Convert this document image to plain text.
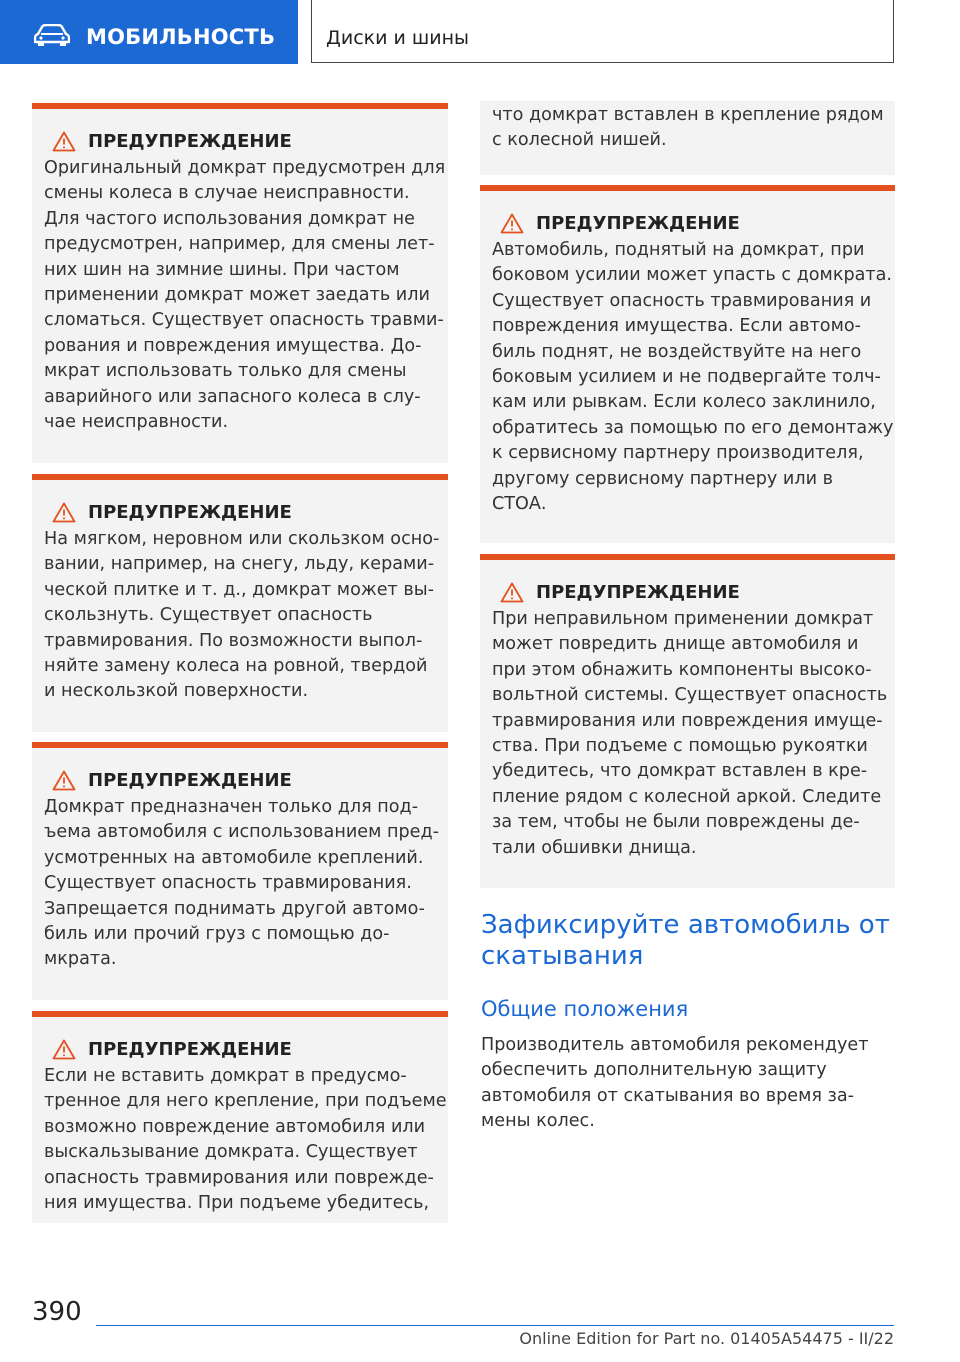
МОБИЛЬНОСТЬ	Диски и шины
ПРЕДУПРЕЖДЕНИЕ
Оригинальный домкрат предусмотрен для
смены колеса в случае неисправности.
Для частого использования домкрат не
предусмотрен, например, для смены лет‐
них шин на зимние шины. При частом
применении домкрат может заедать или
сломаться. Существует опасность травми‐
рования и повреждения имущества. До‐
мкрат использовать только для смены
аварийного или запасного колеса в слу‐
чае неисправности.
ПРЕДУПРЕЖДЕНИЕ
На мягком, неровном или скользком осно‐
вании, например, на снегу, льду, керами‐
ческой плитке и т. д., домкрат может вы‐
скользнуть. Существует опасность
травмирования. По возможности выпол‐
няйте замену колеса на ровной, твердой
и нескользкой поверхности.
ПРЕДУПРЕЖДЕНИЕ
Домкрат предназначен только для под‐
ъема автомобиля с использованием пред‐
усмотренных на автомобиле креплений.
Существует опасность травмирования.
Запрещается поднимать другой автомо‐
биль или прочий груз с помощью до‐
мкрата.
ПРЕДУПРЕЖДЕНИЕ
Если не вставить домкрат в предусмо‐
тренное для него крепление, при подъеме
возможно повреждение автомобиля или
выскальзывание домкрата. Существует
опасность травмирования или поврежде‐
ния имущества. При подъеме убедитесь,
что домкрат вставлен в крепление рядом
с колесной нишей.
ПРЕДУПРЕЖДЕНИЕ
Автомобиль, поднятый на домкрат, при
боковом усилии может упасть с домкрата.
Существует опасность травмирования и
повреждения имущества. Если автомо‐
биль поднят, не воздействуйте на него
боковым усилием и не подвергайте толч‐
кам или рывкам. Если колесо заклинило,
обратитесь за помощью по его демонтажу
к сервисному партнеру производителя,
другому сервисному партнеру или в
СТОА.
ПРЕДУПРЕЖДЕНИЕ
При неправильном применении домкрат
может повредить днище автомобиля и
при этом обнажить компоненты высоко‐
вольтной системы. Существует опасность
травмирования или повреждения имуще‐
ства. При подъеме с помощью рукоятки
убедитесь, что домкрат вставлен в кре‐
пление рядом с колесной аркой. Следите
за тем, чтобы не были повреждены де‐
тали обшивки днища.
Зафиксируйте автомобиль от
скатывания
Общие положения
Производитель автомобиля рекомендует
обеспечить дополнительную защиту
автомобиля от скатывания во время за‐
мены колес.
390
Online Edition for Part no. 01405A54475 - II/22
